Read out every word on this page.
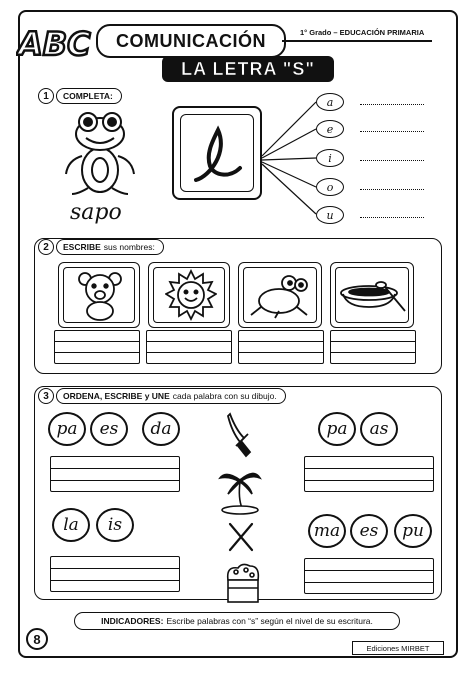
ABC	COMUNICACIÓN	1° Grado – EDUCACIÓN PRIMARIA
LA LETRA "S"
1	COMPLETA:
sapo
a
e
i
o
u
2	ESCRIBE sus nombres:
3	ORDENA, ESCRIBE y UNE cada palabra con su dibujo.
pa	es	da	pa	as
la	is	ma	es	pu
INDICADORES: Escribe palabras con “s” según el nivel de su escritura.
8
Ediciones MIRBET
